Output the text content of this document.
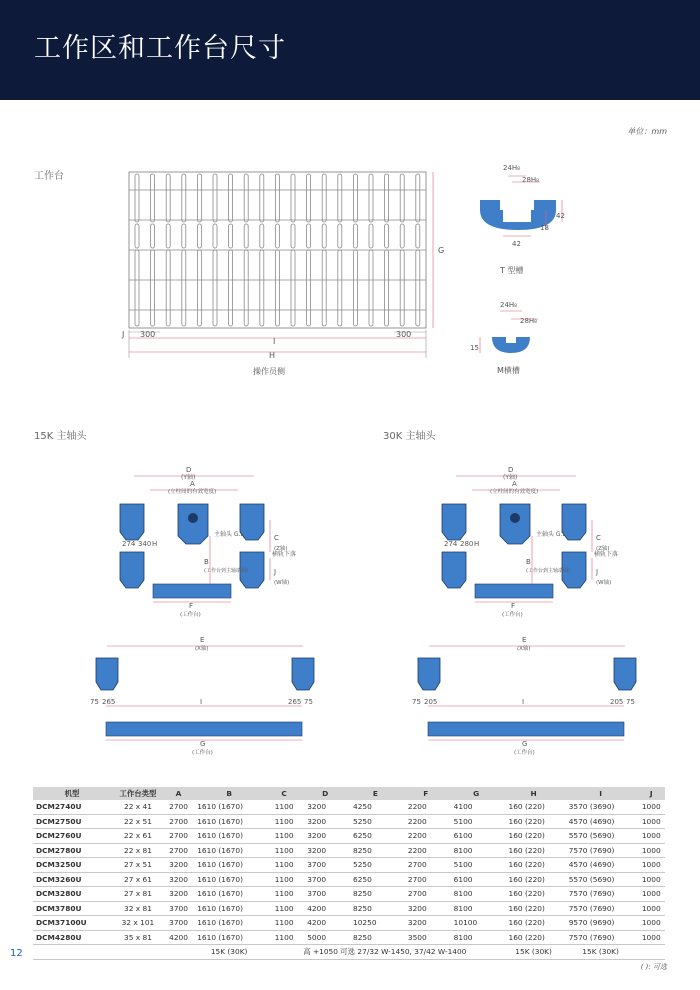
工作区和工作台尺寸
单位：mm
工作台
G
J 300	300
I
H
操作员侧
24H₈
28H₈
42
18
42
T 型槽
24H₈
28H₈
15
M横槽
15K 主轴头
D
(Y轴)
A
(立柱间的有效宽度)
274 340 H
主轴头 G.L	C
(Z轴)
B
(工作台到主轴端面)
横轨下落
J
(W轴)
F
(工作台)
E
(X轴)
75 265	I	265 75
G
(工作台)
30K 主轴头
D
(Y轴)
A
(立柱间的有效宽度)
274 280 H
主轴头 G.L	C
(Z轴)
B
(工作台到主轴端面)
横轨下落
J
(W轴)
F
(工作台)
E
(X轴)
75 205	I	205 75
G
(工作台)
机型	工作台类型	A	B	C	D	E	F	G	H	I	J
DCM2740U	22 x 41	2700	1610 (1670)	1100	3200	4250	2200	4100	160 (220)	3570 (3690)	1000
DCM2750U	22 x 51	2700	1610 (1670)	1100	3200	5250	2200	5100	160 (220)	4570 (4690)	1000
DCM2760U	22 x 61	2700	1610 (1670)	1100	3200	6250	2200	6100	160 (220)	5570 (5690)	1000
DCM2780U	22 x 81	2700	1610 (1670)	1100	3200	8250	2200	8100	160 (220)	7570 (7690)	1000
DCM3250U	27 x 51	3200	1610 (1670)	1100	3700	5250	2700	5100	160 (220)	4570 (4690)	1000
DCM3260U	27 x 61	3200	1610 (1670)	1100	3700	6250	2700	6100	160 (220)	5570 (5690)	1000
DCM3280U	27 x 81	3200	1610 (1670)	1100	3700	8250	2700	8100	160 (220)	7570 (7690)	1000
DCM3780U	32 x 81	3700	1610 (1670)	1100	4200	8250	3200	8100	160 (220)	7570 (7690)	1000
DCM37100U	32 x 101	3700	1610 (1670)	1100	4200	10250	3200	10100	160 (220)	9570 (9690)	1000
DCM4280U	35 x 81	4200	1610 (1670)	1100	5000	8250	3500	8100	160 (220)	7570 (7690)	1000
			15K (30K)	高 +1050 可选 27/32 W-1450, 37/42 W-1400					15K (30K)	15K (30K)	
12
( ): 可选
